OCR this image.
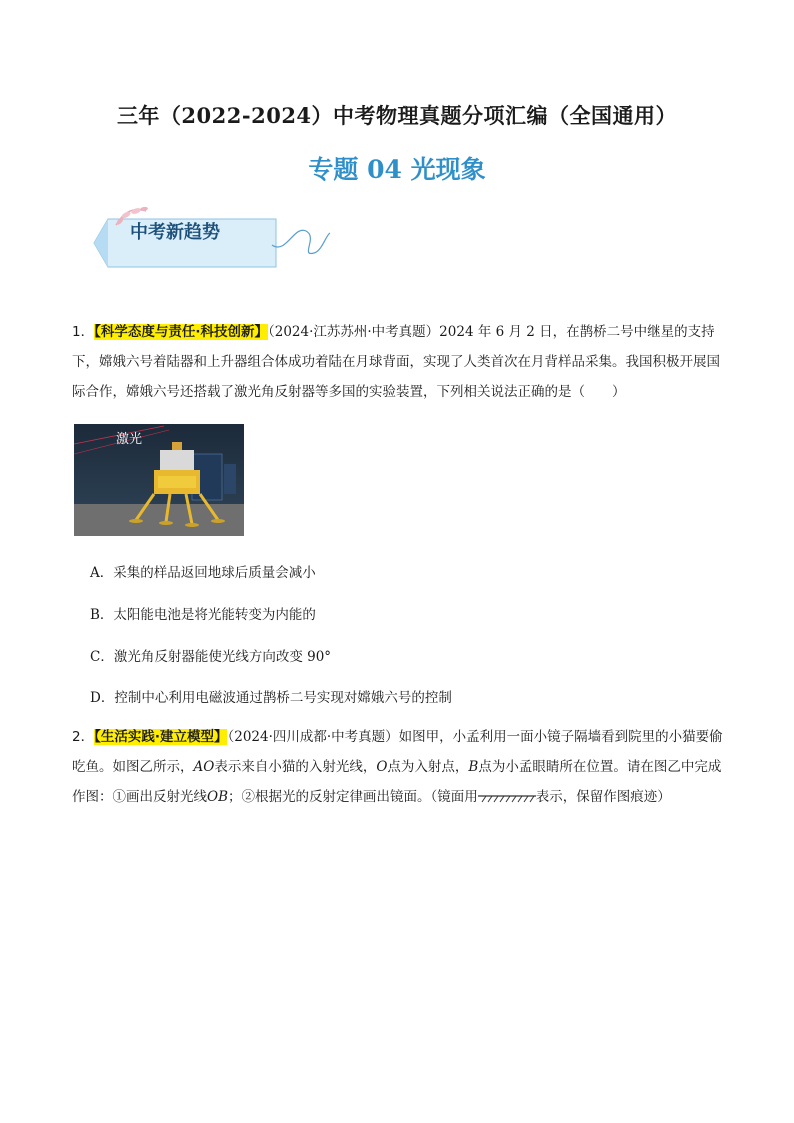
三年（2022-2024）中考物理真题分项汇编（全国通用）
专题 04 光现象
中考新趋势
1．【科学态度与责任·科技创新】（2024·江苏苏州·中考真题）2024 年 6 月 2 日，在鹊桥二号中继星的支持下，嫦娥六号着陆器和上升器组合体成功着陆在月球背面，实现了人类首次在月背样品采集。我国积极开展国际合作，嫦娥六号还搭载了激光角反射器等多国的实验装置，下列相关说法正确的是（　　）
激光
A．采集的样品返回地球后质量会减小
B．太阳能电池是将光能转变为内能的
C．激光角反射器能使光线方向改变 90°
D．控制中心利用电磁波通过鹊桥二号实现对嫦娥六号的控制
2．【生活实践·建立模型】（2024·四川成都·中考真题）如图甲，小孟利用一面小镜子隔墙看到院里的小猫要偷吃鱼。如图乙所示，AO表示来自小猫的入射光线，O点为入射点，B点为小孟眼睛所在位置。请在图乙中完成作图：①画出反射光线OB；②根据光的反射定律画出镜面。（镜面用	表示，保留作图痕迹）
